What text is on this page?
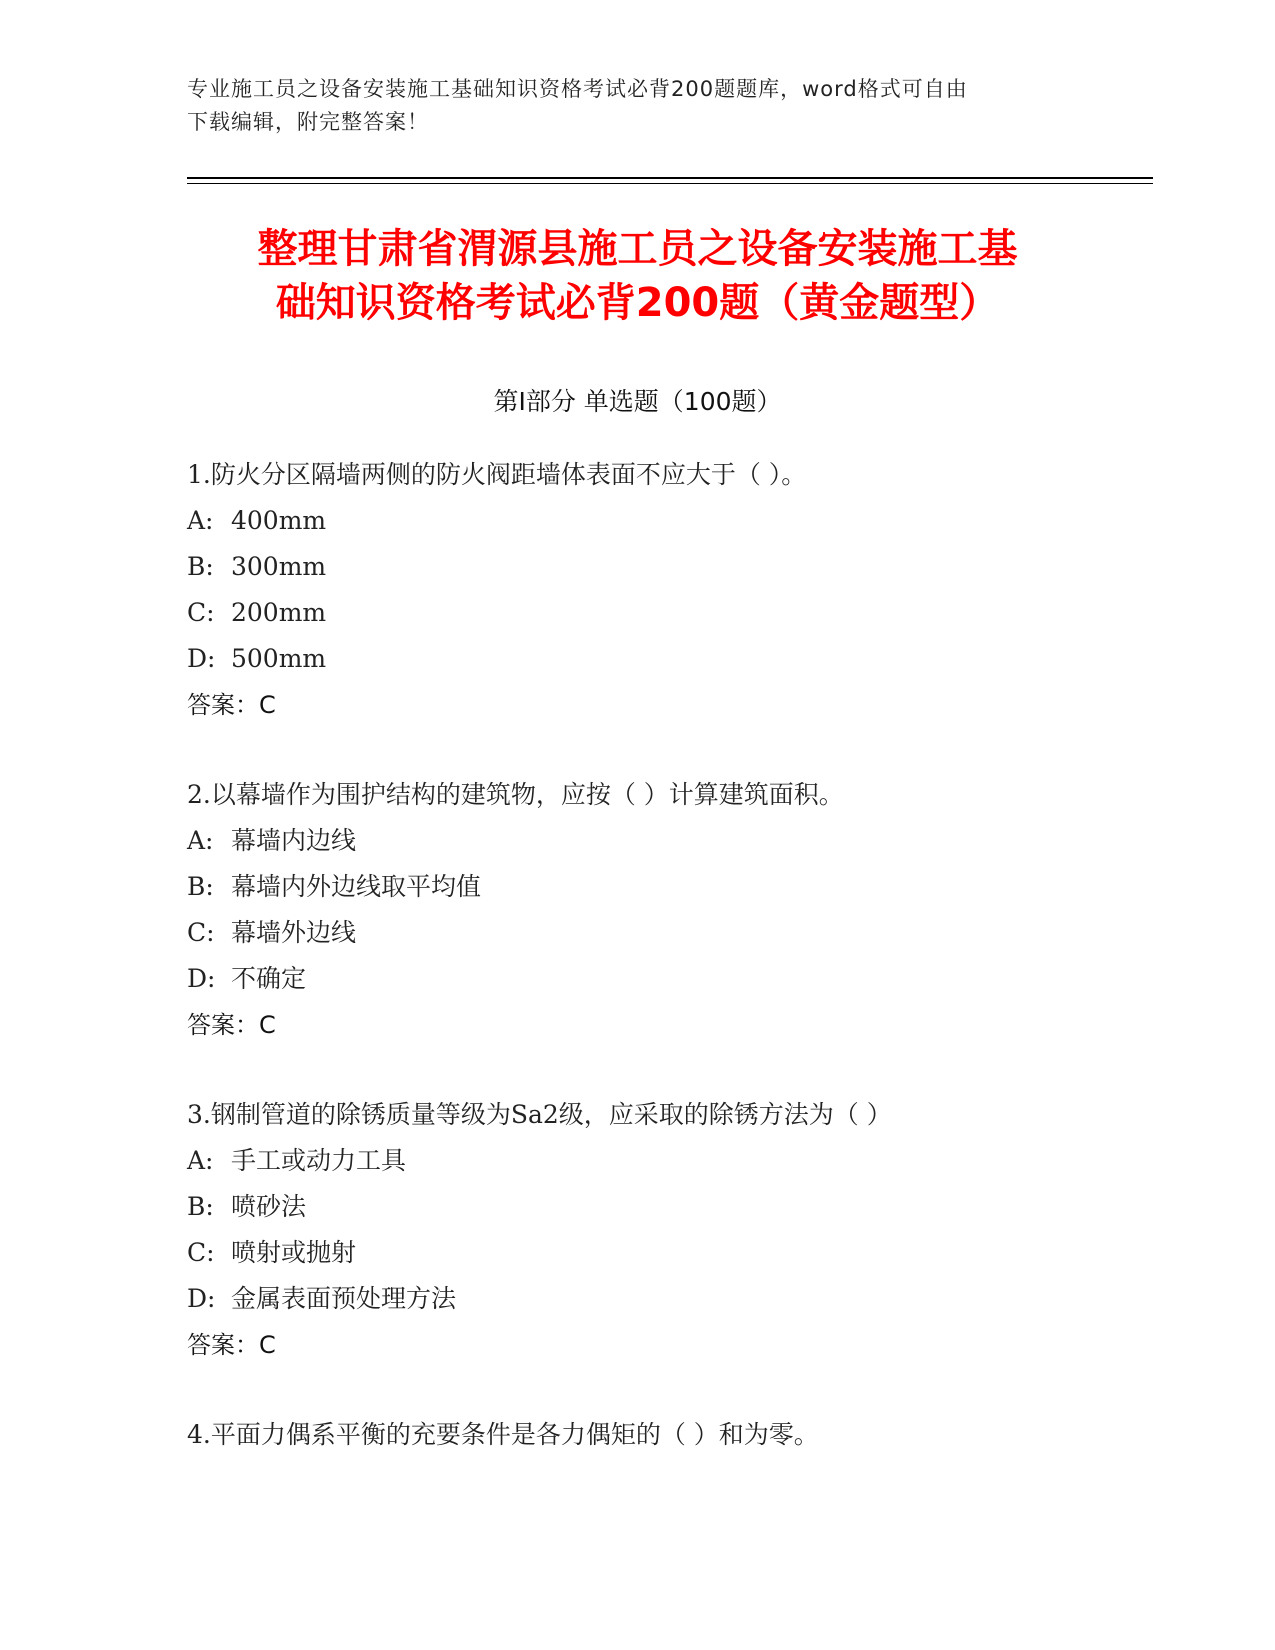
专业施工员之设备安装施工基础知识资格考试必背200题题库，word格式可自由
下载编辑，附完整答案！
整理甘肃省渭源县施工员之设备安装施工基
础知识资格考试必背200题（黄金题型）
第Ⅰ部分 单选题（100题）
1.防火分区隔墙两侧的防火阀距墙体表面不应大于（ ）。
A: 400mm
B: 300mm
C: 200mm
D: 500mm
答案：C
2.以幕墙作为围护结构的建筑物，应按（ ）计算建筑面积。
A: 幕墙内边线
B: 幕墙内外边线取平均值
C: 幕墙外边线
D: 不确定
答案：C
3.钢制管道的除锈质量等级为Sa2级，应采取的除锈方法为（ ）
A: 手工或动力工具
B: 喷砂法
C: 喷射或抛射
D: 金属表面预处理方法
答案：C
4.平面力偶系平衡的充要条件是各力偶矩的（ ）和为零。
